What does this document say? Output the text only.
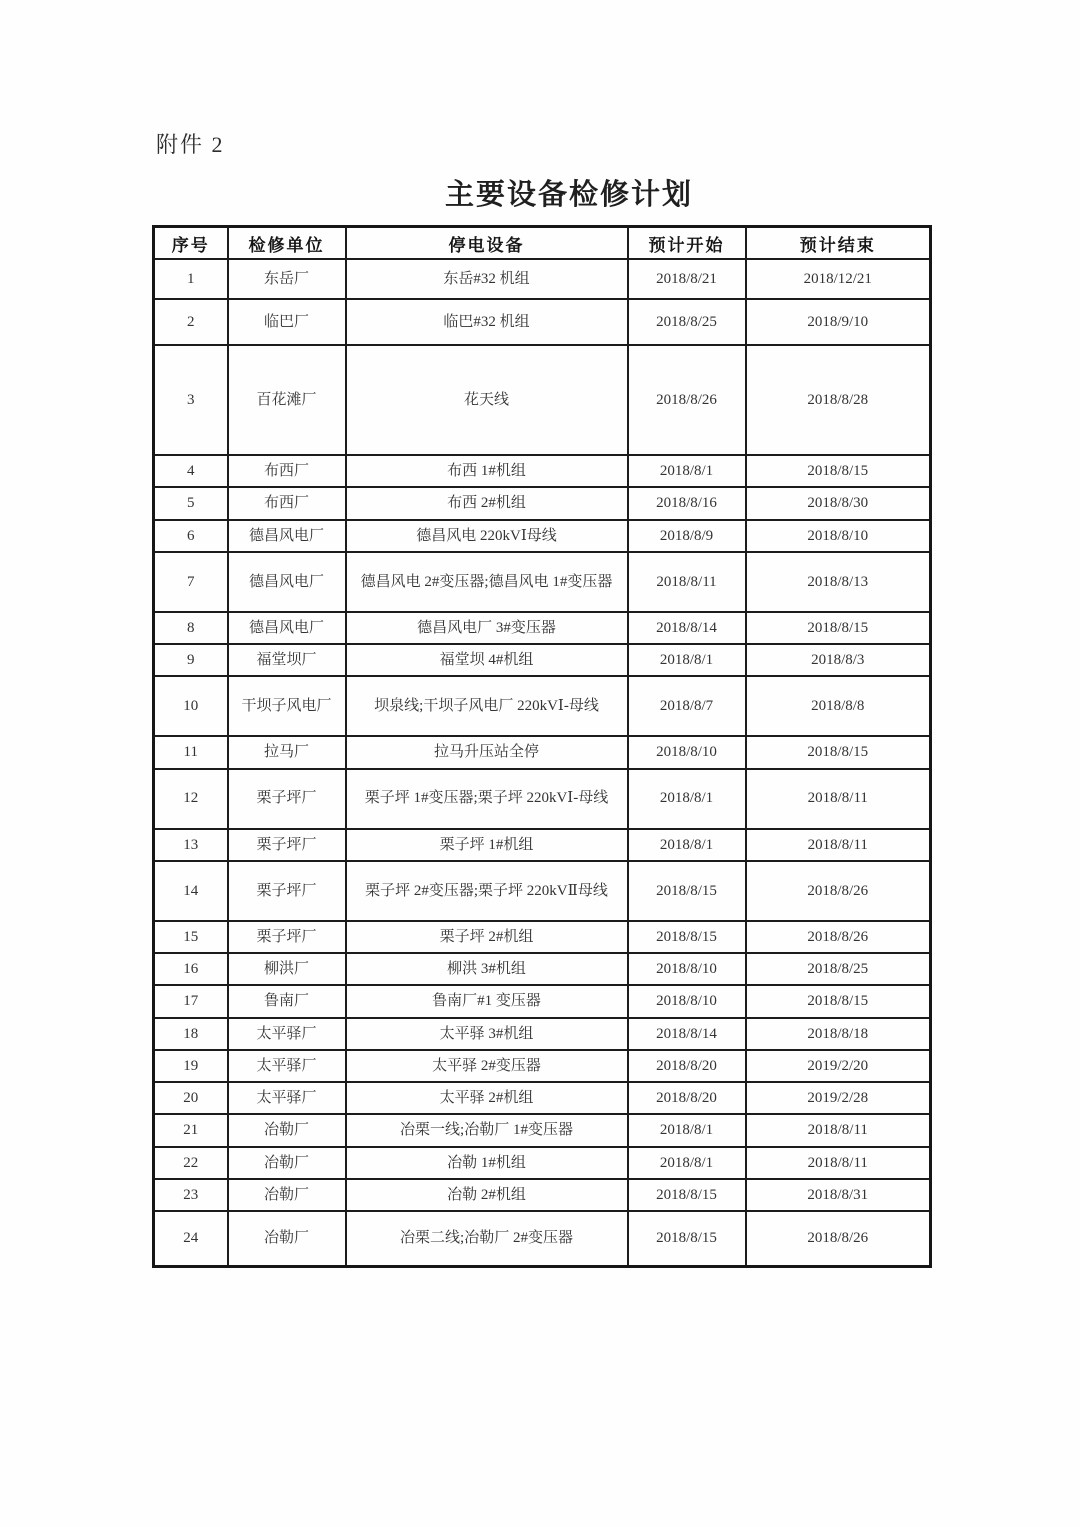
附件 2
主要设备检修计划
序号	检修单位	停电设备	预计开始	预计结束
1	东岳厂	东岳#32 机组	2018/8/21	2018/12/21
2	临巴厂	临巴#32 机组	2018/8/25	2018/9/10
3	百花滩厂	花天线	2018/8/26	2018/8/28
4	布西厂	布西 1#机组	2018/8/1	2018/8/15
5	布西厂	布西 2#机组	2018/8/16	2018/8/30
6	德昌风电厂	德昌风电 220kVⅠ母线	2018/8/9	2018/8/10
7	德昌风电厂	德昌风电 2#变压器;德昌风电 1#变压器	2018/8/11	2018/8/13
8	德昌风电厂	德昌风电厂 3#变压器	2018/8/14	2018/8/15
9	福堂坝厂	福堂坝 4#机组	2018/8/1	2018/8/3
10	干坝子风电厂	坝泉线;干坝子风电厂 220kVⅠ-母线	2018/8/7	2018/8/8
11	拉马厂	拉马升压站全停	2018/8/10	2018/8/15
12	栗子坪厂	栗子坪 1#变压器;栗子坪 220kVⅠ-母线	2018/8/1	2018/8/11
13	栗子坪厂	栗子坪 1#机组	2018/8/1	2018/8/11
14	栗子坪厂	栗子坪 2#变压器;栗子坪 220kVⅡ母线	2018/8/15	2018/8/26
15	栗子坪厂	栗子坪 2#机组	2018/8/15	2018/8/26
16	柳洪厂	柳洪 3#机组	2018/8/10	2018/8/25
17	鲁南厂	鲁南厂#1 变压器	2018/8/10	2018/8/15
18	太平驿厂	太平驿 3#机组	2018/8/14	2018/8/18
19	太平驿厂	太平驿 2#变压器	2018/8/20	2019/2/20
20	太平驿厂	太平驿 2#机组	2018/8/20	2019/2/28
21	冶勒厂	冶栗一线;冶勒厂 1#变压器	2018/8/1	2018/8/11
22	冶勒厂	冶勒 1#机组	2018/8/1	2018/8/11
23	冶勒厂	冶勒 2#机组	2018/8/15	2018/8/31
24	冶勒厂	冶栗二线;冶勒厂 2#变压器	2018/8/15	2018/8/26
